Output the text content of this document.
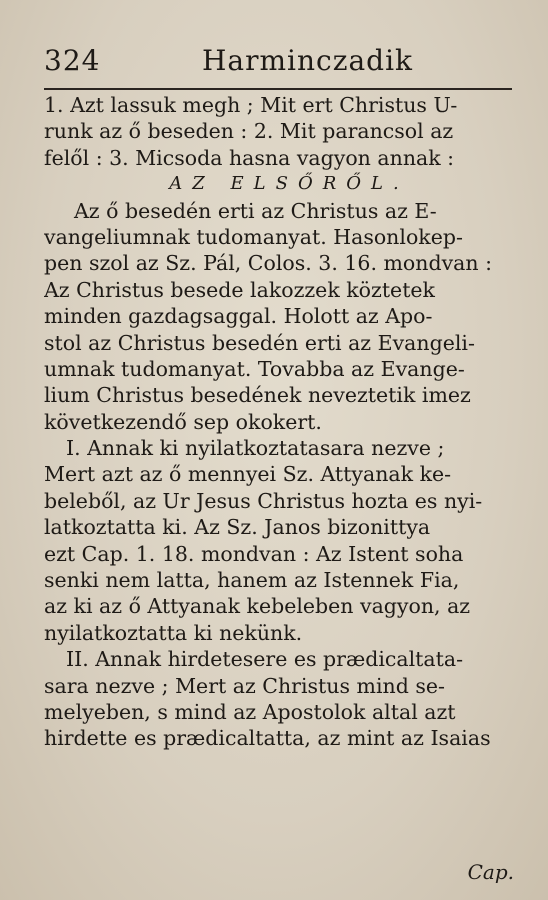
324	Harminczadik
1. Azt lassuk megh ; Mit ert Christus U-
runk az ő beseden : 2. Mit parancsol az
felől : 3. Micsoda hasna vagyon annak :
AZ ELSŐRŐL.
Az ő besedén erti az Christus az E-
vangeliumnak tudomanyat. Hasonlokep-
pen szol az Sz. Pál, Colos. 3. 16. mondvan :
Az Christus besede lakozzek köztetek
minden gazdagsaggal. Holott az Apo-
stol az Christus besedén erti az Evangeli-
umnak tudomanyat. Tovabba az Evange-
lium Christus besedének neveztetik imez
következendő sep okokert.
I. Annak ki nyilatkoztatasara nezve ;
Mert azt az ő mennyei Sz. Attyanak ke-
beleből, az Ur Jesus Christus hozta es nyi-
latkoztatta ki. Az Sz. Janos bizonittya
ezt Cap. 1. 18. mondvan : Az Istent soha
senki nem latta, hanem az Istennek Fia,
az ki az ő Attyanak kebeleben vagyon, az
nyilatkoztatta ki nekünk.
II. Annak hirdetesere es prædicaltata-
sara nezve ; Mert az Christus mind se-
melyeben, s mind az Apostolok altal azt
hirdette es prædicaltatta, az mint az Isaias
Cap.
